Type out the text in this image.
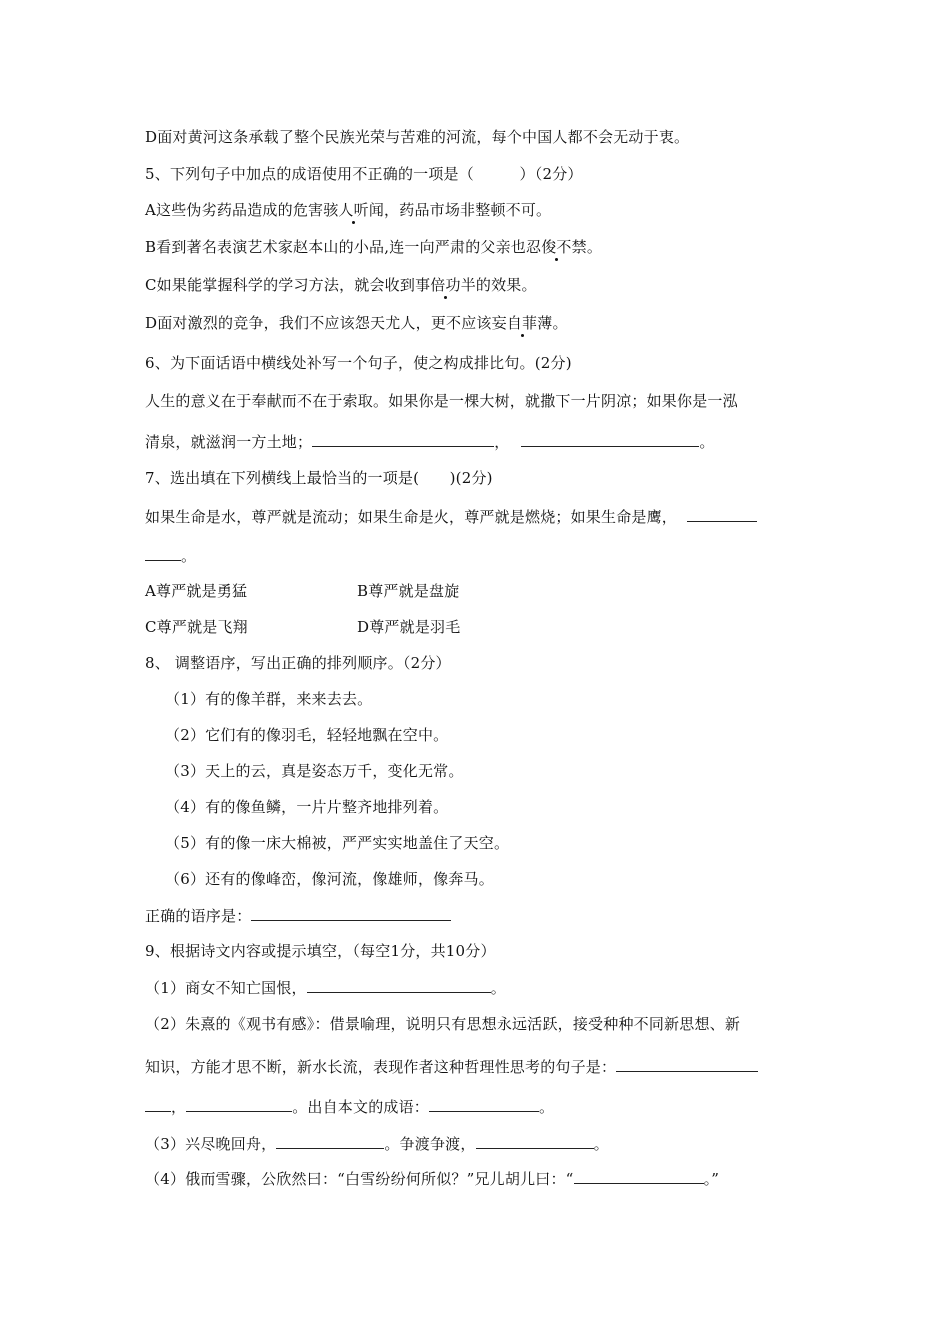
D面对黄河这条承载了整个民族光荣与苦难的河流，每个中国人都不会无动于衷。
5、下列句子中加点的成语使用不正确的一项是（　　　）（2分）
A这些伪劣药品造成的危害骇人听闻，药品市场非整顿不可。
B看到著名表演艺术家赵本山的小品,连一向严肃的父亲也忍俊不禁。
C如果能掌握科学的学习方法，就会收到事倍功半的效果。
D面对激烈的竞争，我们不应该怨天尤人，更不应该妄自菲薄。
6、为下面话语中横线处补写一个句子，使之构成排比句。(2分)
人生的意义在于奉献而不在于索取。如果你是一棵大树，就撒下一片阴凉；如果你是一泓
清泉，就滋润一方土地；	，	。
7、选出填在下列横线上最恰当的一项是(　　)(2分)
如果生命是水，尊严就是流动；如果生命是火，尊严就是燃烧；如果生命是鹰，
。
A尊严就是勇猛	B尊严就是盘旋
C尊严就是飞翔	D尊严就是羽毛
8、 调整语序，写出正确的排列顺序。（2分）
（1）有的像羊群，来来去去。
（2）它们有的像羽毛，轻轻地飘在空中。
（3）天上的云，真是姿态万千，变化无常。
（4）有的像鱼鳞，一片片整齐地排列着。
（5）有的像一床大棉被，严严实实地盖住了天空。
（6）还有的像峰峦，像河流，像雄师，像奔马。
正确的语序是：
9、根据诗文内容或提示填空，（每空1分，共10分）
（1）商女不知亡国恨，	。
（2）朱熹的《观书有感》：借景喻理，说明只有思想永远活跃，接受种种不同新思想、新
知识，方能才思不断，新水长流，表现作者这种哲理性思考的句子是：
，	。出自本文的成语：	。
（3）兴尽晚回舟，	。争渡争渡，	。
（4）俄而雪骤，公欣然曰：“白雪纷纷何所似？”兄儿胡儿曰：“	。”
